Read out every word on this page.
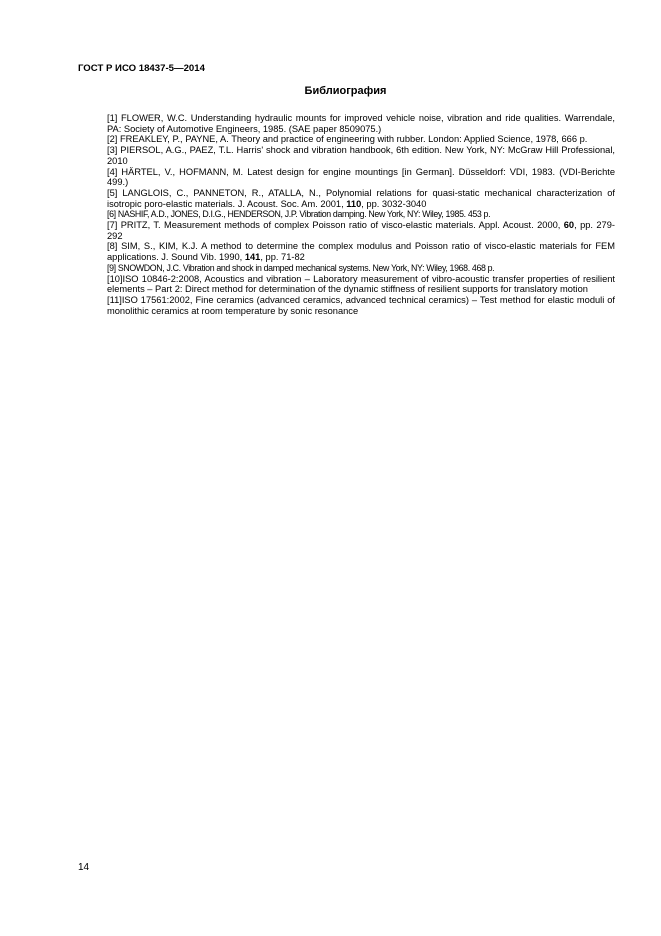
ГОСТ Р ИСО 18437-5—2014
Библиография
[1] FLOWER, W.C. Understanding hydraulic mounts for improved vehicle noise, vibration and ride qualities. Warrendale, PA: Society of Automotive Engineers, 1985. (SAE paper 8509075.)
[2] FREAKLEY, P., PAYNE, A. Theory and practice of engineering with rubber. London: Applied Science, 1978, 666 p.
[3] PIERSOL, A.G., PAEZ, T.L. Harris' shock and vibration handbook, 6th edition. New York, NY: McGraw Hill Professional, 2010
[4] HÄRTEL, V., HOFMANN, M. Latest design for engine mountings [in German]. Düsseldorf: VDI, 1983. (VDI-Berichte 499.)
[5] LANGLOIS, C., PANNETON, R., ATALLA, N., Polynomial relations for quasi-static mechanical characterization of isotropic poro-elastic materials. J. Acoust. Soc. Am. 2001, 110, pp. 3032-3040
[6] NASHIF, A.D., JONES, D.I.G., HENDERSON, J.P. Vibration damping. New York, NY: Wiley, 1985. 453 p.
[7] PRITZ, T. Measurement methods of complex Poisson ratio of visco-elastic materials. Appl. Acoust. 2000, 60, pp. 279-292
[8] SIM, S., KIM, K.J. A method to determine the complex modulus and Poisson ratio of visco-elastic materials for FEM applications. J. Sound Vib. 1990, 141, pp. 71-82
[9] SNOWDON, J.C. Vibration and shock in damped mechanical systems. New York, NY: Wiley, 1968. 468 p.
[10]ISO 10846-2:2008, Acoustics and vibration – Laboratory measurement of vibro-acoustic transfer properties of resilient elements – Part 2: Direct method for determination of the dynamic stiffness of resilient supports for translatory motion
[11]ISO 17561:2002, Fine ceramics (advanced ceramics, advanced technical ceramics) – Test method for elastic moduli of monolithic ceramics at room temperature by sonic resonance
14
